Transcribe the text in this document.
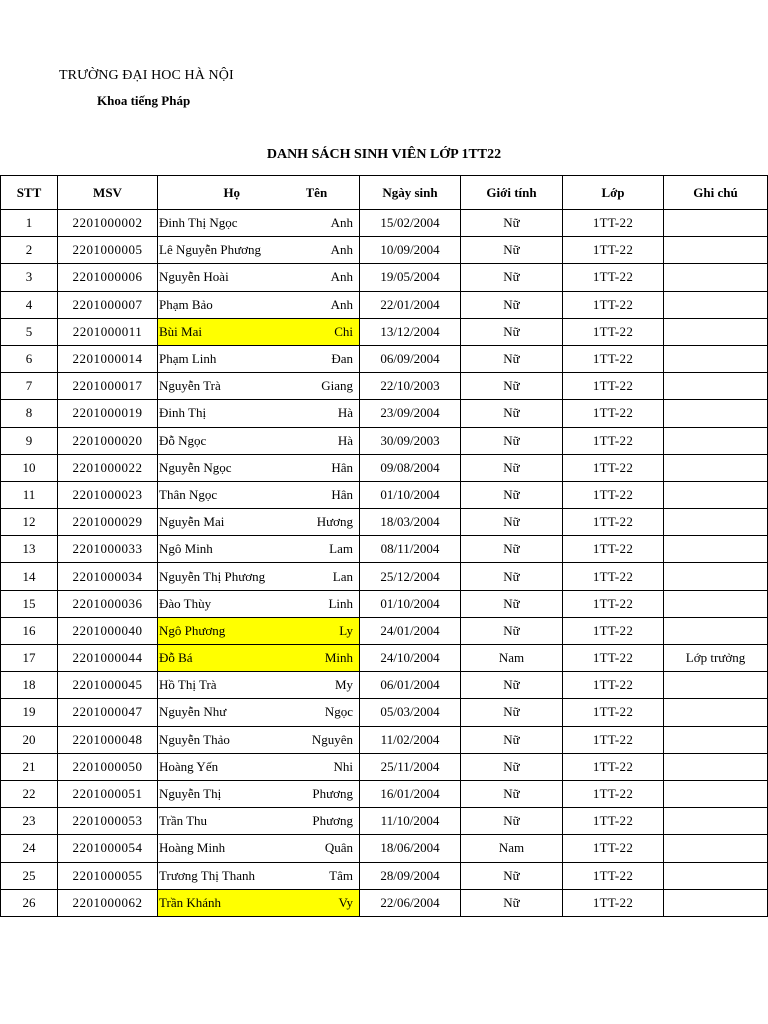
TRƯỜNG ĐẠI HOC HÀ NỘI
Khoa tiếng Pháp
DANH SÁCH SINH VIÊN LỚP 1TT22
STT	MSV	Họ	Tên	Ngày sinh	Giới tính	Lớp	Ghi chú
1	2201000002	Đinh Thị Ngọc	Anh	15/02/2004	Nữ	1TT-22	
2	2201000005	Lê Nguyễn Phương	Anh	10/09/2004	Nữ	1TT-22	
3	2201000006	Nguyễn Hoài	Anh	19/05/2004	Nữ	1TT-22	
4	2201000007	Phạm Bảo	Anh	22/01/2004	Nữ	1TT-22	
5	2201000011	Bùi Mai	Chi	13/12/2004	Nữ	1TT-22	
6	2201000014	Phạm Linh	Đan	06/09/2004	Nữ	1TT-22	
7	2201000017	Nguyễn Trà	Giang	22/10/2003	Nữ	1TT-22	
8	2201000019	Đinh Thị	Hà	23/09/2004	Nữ	1TT-22	
9	2201000020	Đỗ Ngọc	Hà	30/09/2003	Nữ	1TT-22	
10	2201000022	Nguyễn Ngọc	Hân	09/08/2004	Nữ	1TT-22	
11	2201000023	Thân Ngọc	Hân	01/10/2004	Nữ	1TT-22	
12	2201000029	Nguyễn Mai	Hương	18/03/2004	Nữ	1TT-22	
13	2201000033	Ngô Minh	Lam	08/11/2004	Nữ	1TT-22	
14	2201000034	Nguyễn Thị Phương	Lan	25/12/2004	Nữ	1TT-22	
15	2201000036	Đào Thùy	Linh	01/10/2004	Nữ	1TT-22	
16	2201000040	Ngô Phương	Ly	24/01/2004	Nữ	1TT-22	
17	2201000044	Đỗ Bá	Minh	24/10/2004	Nam	1TT-22	Lớp trưởng
18	2201000045	Hồ Thị Trà	My	06/01/2004	Nữ	1TT-22	
19	2201000047	Nguyễn Như	Ngọc	05/03/2004	Nữ	1TT-22	
20	2201000048	Nguyễn Thảo	Nguyên	11/02/2004	Nữ	1TT-22	
21	2201000050	Hoàng Yến	Nhi	25/11/2004	Nữ	1TT-22	
22	2201000051	Nguyễn Thị	Phương	16/01/2004	Nữ	1TT-22	
23	2201000053	Trần Thu	Phương	11/10/2004	Nữ	1TT-22	
24	2201000054	Hoàng Minh	Quân	18/06/2004	Nam	1TT-22	
25	2201000055	Trương Thị Thanh	Tâm	28/09/2004	Nữ	1TT-22	
26	2201000062	Trần Khánh	Vy	22/06/2004	Nữ	1TT-22	
